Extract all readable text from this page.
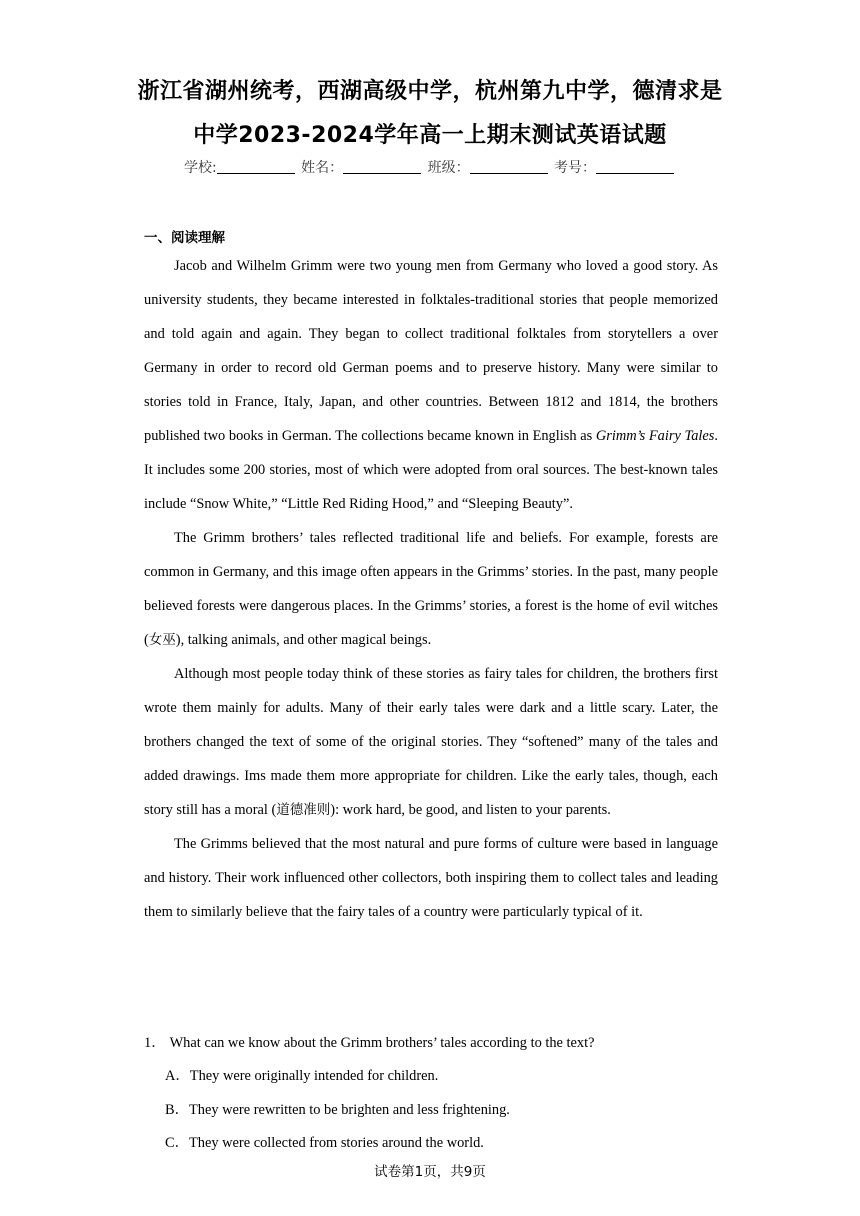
浙江省湖州统考，西湖高级中学，杭州第九中学，德清求是
中学2023-2024学年高一上期末测试英语试题
学校:	姓名：	班级：	考号：
一、阅读理解

Jacob and Wilhelm Grimm were two young men from Germany who loved a good story. As university students, they became interested in folktales-traditional stories that people memorized and told again and again. They began to collect traditional folktales from storytellers a over Germany in order to record old German poems and to preserve history. Many were similar to stories told in France, Italy, Japan, and other countries. Between 1812 and 1814, the brothers published two books in German. The collections became known in English as Grimm’s Fairy Tales. It includes some 200 stories, most of which were adopted from oral sources. The best-known tales include “Snow White,” “Little Red Riding Hood,” and “Sleeping Beauty”.

The Grimm brothers’ tales reflected traditional life and beliefs. For example, forests are common in Germany, and this image often appears in the Grimms’ stories. In the past, many people believed forests were dangerous places. In the Grimms’ stories, a forest is the home of evil witches (女巫), talking animals, and other magical beings.

Although most people today think of these stories as fairy tales for children, the brothers first wrote them mainly for adults. Many of their early tales were dark and a little scary. Later, the brothers changed the text of some of the original stories. They “softened” many of the tales and added drawings. Ims made them more appropriate for children. Like the early tales, though, each story still has a moral (道德准则): work hard, be good, and listen to your parents.

The Grimms believed that the most natural and pure forms of culture were based in language and history. Their work influenced other collectors, both inspiring them to collect tales and leading them to similarly believe that the fairy tales of a country were particularly typical of it.

1． What can we know about the Grimm brothers’ tales according to the text?
A．They were originally intended for children.
B．They were rewritten to be brighten and less frightening.
C．They were collected from stories around the world.
试卷第1页，共9页
